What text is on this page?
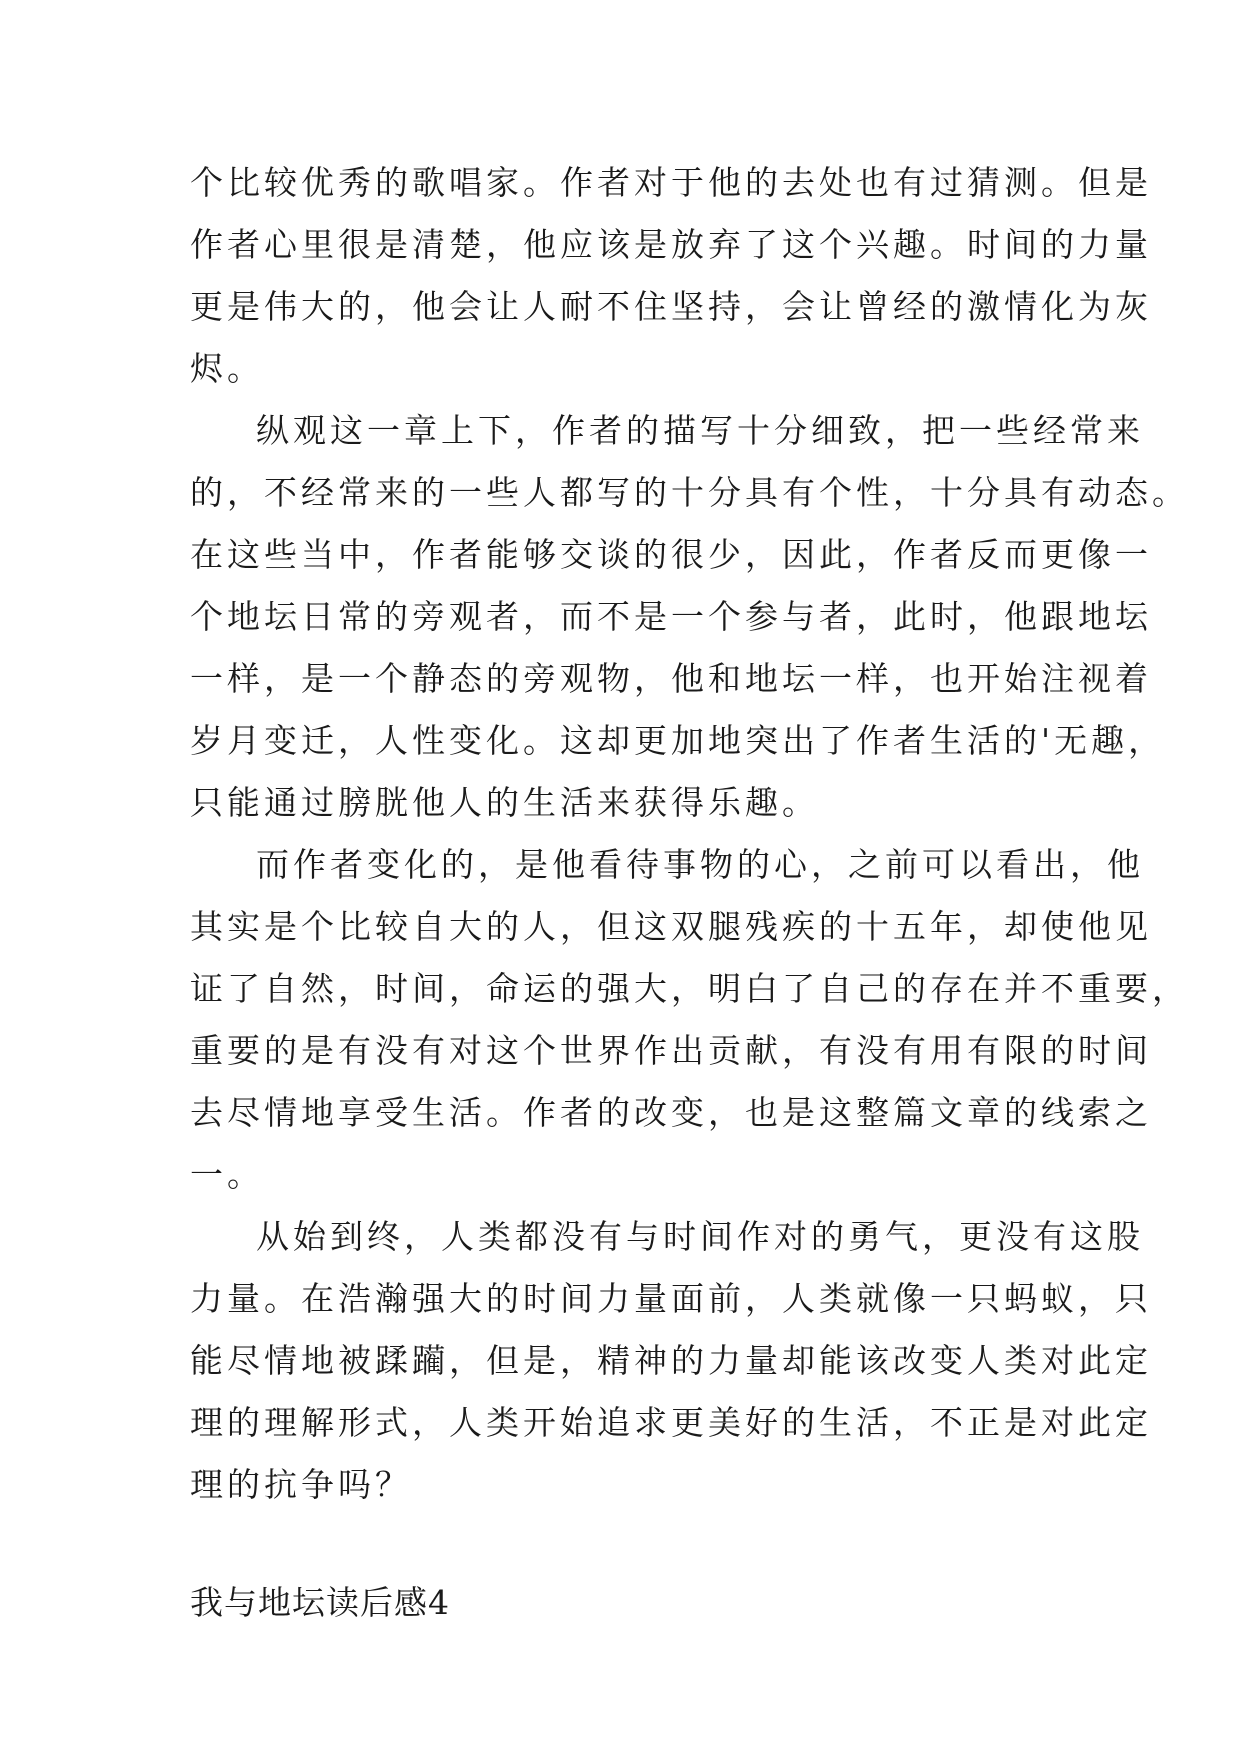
个比较优秀的歌唱家。作者对于他的去处也有过猜测。但是
作者心里很是清楚，他应该是放弃了这个兴趣。时间的力量
更是伟大的，他会让人耐不住坚持，会让曾经的激情化为灰
烬。
纵观这一章上下，作者的描写十分细致，把一些经常来
的，不经常来的一些人都写的十分具有个性，十分具有动态。
在这些当中，作者能够交谈的很少，因此，作者反而更像一
个地坛日常的旁观者，而不是一个参与者，此时，他跟地坛
一样，是一个静态的旁观物，他和地坛一样，也开始注视着
岁月变迁，人性变化。这却更加地突出了作者生活的'无趣，
只能通过膀胱他人的生活来获得乐趣。
而作者变化的，是他看待事物的心，之前可以看出，他
其实是个比较自大的人，但这双腿残疾的十五年，却使他见
证了自然，时间，命运的强大，明白了自己的存在并不重要，
重要的是有没有对这个世界作出贡献，有没有用有限的时间
去尽情地享受生活。作者的改变，也是这整篇文章的线索之
一。
从始到终，人类都没有与时间作对的勇气，更没有这股
力量。在浩瀚强大的时间力量面前，人类就像一只蚂蚁，只
能尽情地被蹂躏，但是，精神的力量却能该改变人类对此定
理的理解形式，人类开始追求更美好的生活，不正是对此定
理的抗争吗？
我与地坛读后感4
